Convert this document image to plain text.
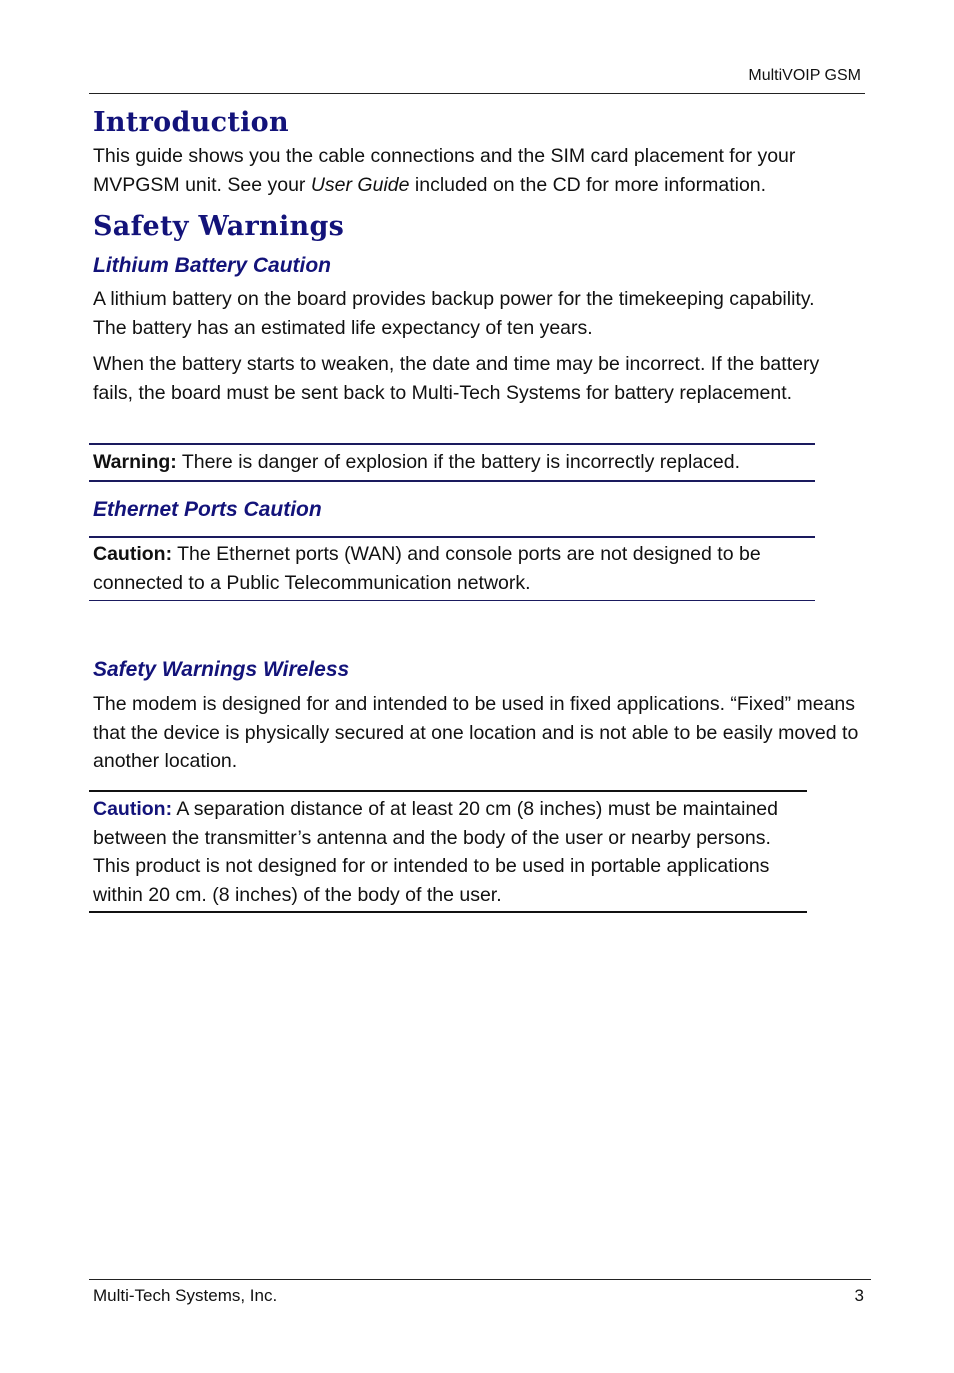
MultiVOIP GSM
Introduction

This guide shows you the cable connections and the SIM card placement for your MVPGSM unit. See your User Guide included on the CD for more information.

Safety Warnings
Lithium Battery Caution

A lithium battery on the board provides backup power for the timekeeping capability. The battery has an estimated life expectancy of ten years.

When the battery starts to weaken, the date and time may be incorrect. If the battery fails, the board must be sent back to Multi-Tech Systems for battery replacement.

Warning: There is danger of explosion if the battery is incorrectly replaced.

Ethernet Ports Caution

Caution: The Ethernet ports (WAN) and console ports are not designed to be connected to a Public Telecommunication network.

Safety Warnings Wireless

The modem is designed for and intended to be used in fixed applications. “Fixed” means that the device is physically secured at one location and is not able to be easily moved to another location.

Caution: A separation distance of at least 20 cm (8 inches) must be maintained between the transmitter’s antenna and the body of the user or nearby persons. This product is not designed for or intended to be used in portable applications within 20 cm. (8 inches) of the body of the user.

Multi-Tech Systems, Inc.	3
